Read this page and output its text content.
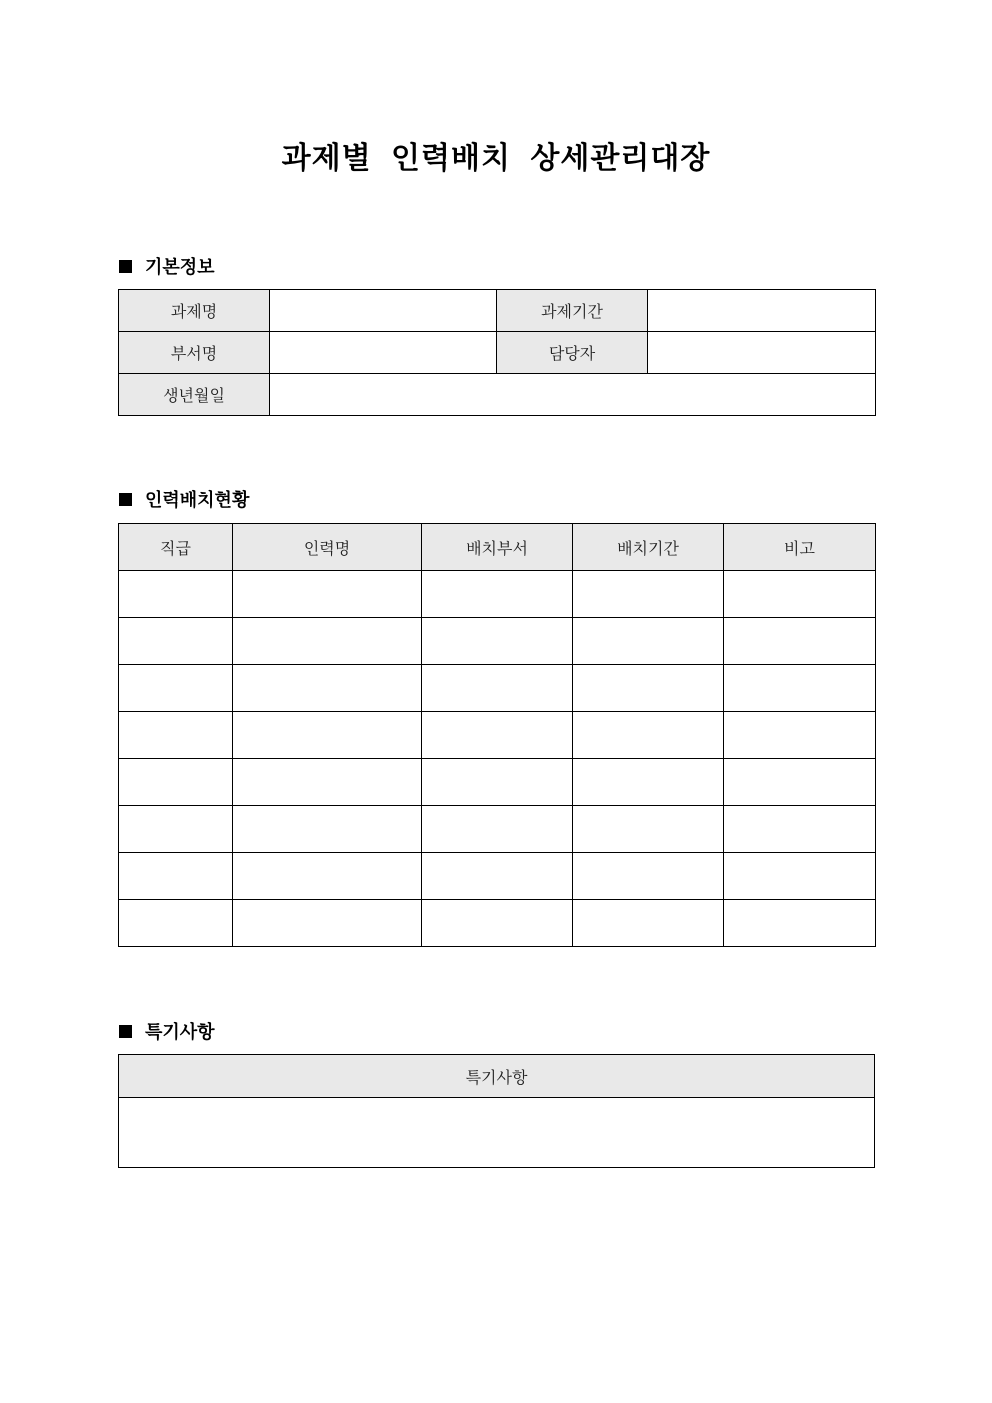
과제별 인력배치 상세관리대장
기본정보
과제명		과제기간	
부서명		담당자	
생년월일			
인력배치현황
직급	인력명	배치부서	배치기간	비고

특기사항
특기사항
